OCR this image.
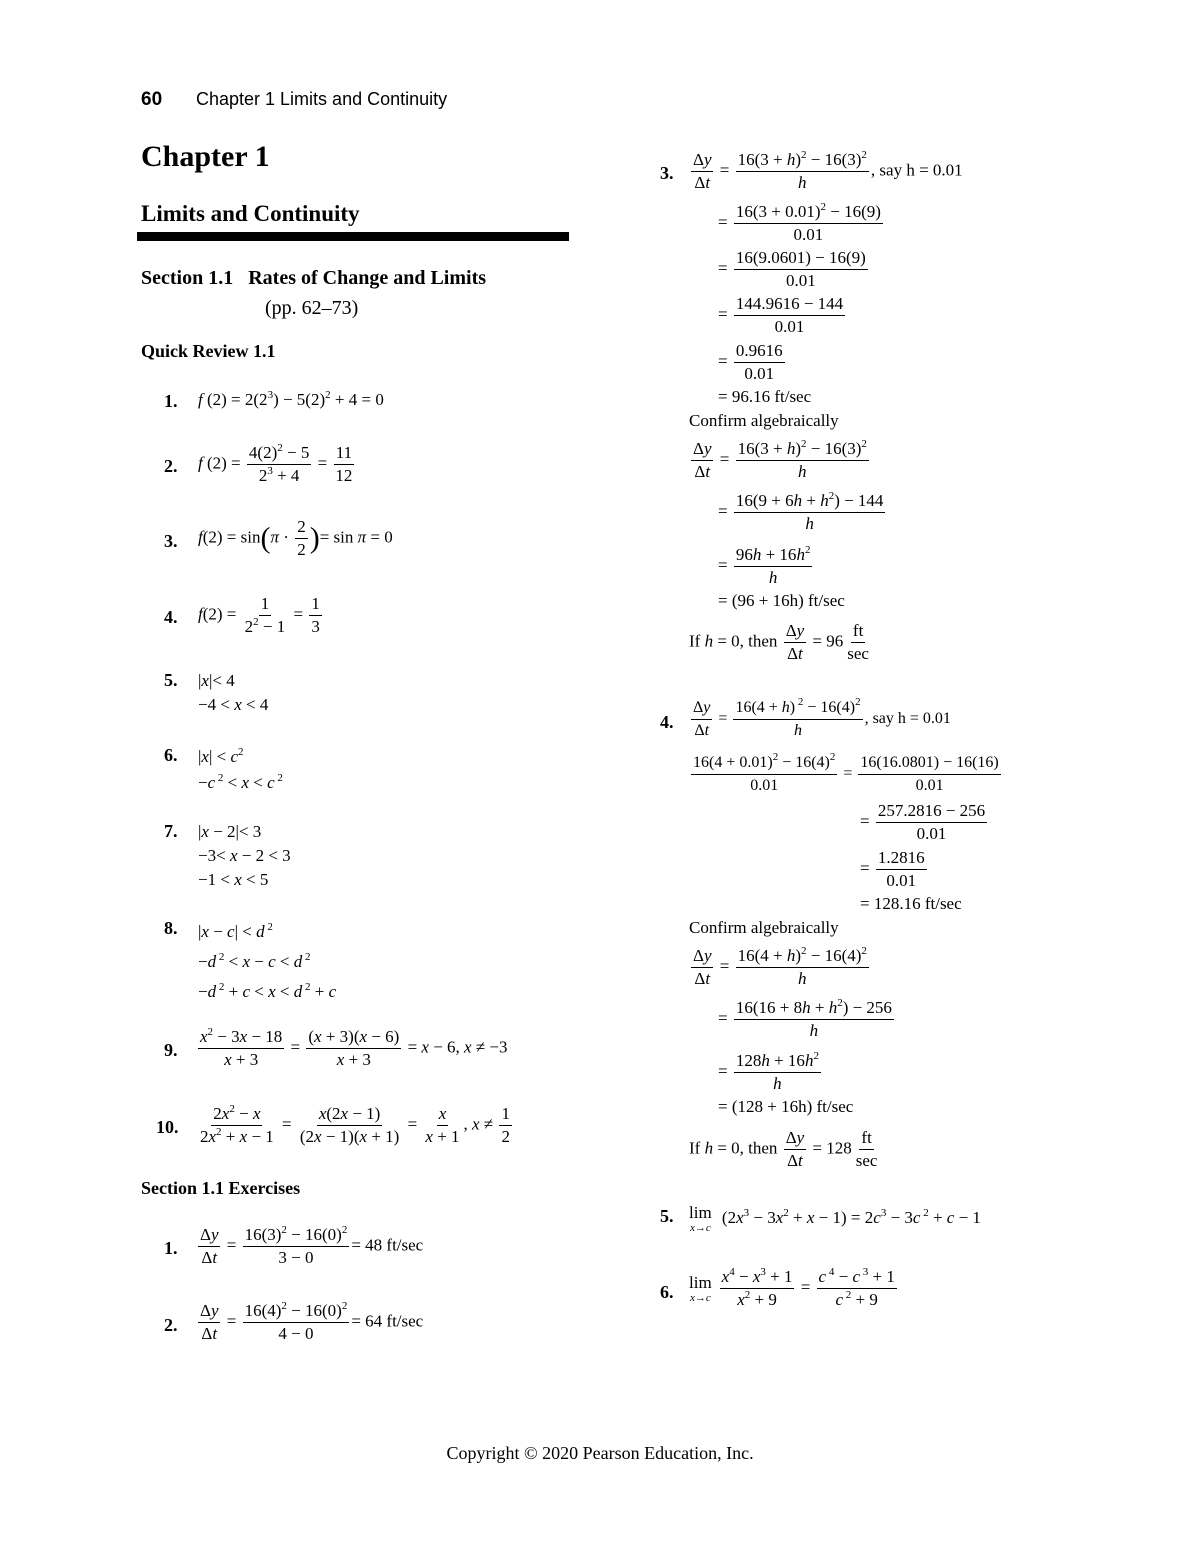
60 Chapter 1 Limits and Continuity
Chapter 1
Limits and Continuity
Section 1.1   Rates of Change and Limits
(pp. 62–73)
Quick Review 1.1
1. f $(2) = 2(2^3) - 5(2)^2 + 4 = 0$
2. f $(2) = \frac{4(2)^2 - 5}{2^3 + 4} = \frac{11}{12}$
3. $f(2) = \sin(\pi \cdot \frac{2}{2}$ )= sin π = 0
4. $f(2) = \frac{1}{2^2 - 1} = \frac{1}{3}$
5. |x|< 4
−4 < x < 4
6. $|x| < c^2$
−c $^2$ < x < c $^2$
7. |x − 2|< 3
−3< x − 2 < 3
−1 < x < 5
8. |x − c| < d $^2$
−d $^2$ < x − c < d $^2$
−d $^2$ + c < x < d $^2$ + c
9. $\frac{x^2 - 3x - 18}{x + 3} = \frac{(x + 3)(x - 6)}{x + 3} = x - 6$, x ≠ −3
10. $\frac{2x^2 - x}{2x^2 + x - 1} = \frac{x(2x - 1)}{(2x - 1)(x + 1)} = \frac{x}{x + 1}$ , $x \ne \frac{1}{2}$
Section 1.1 Exercises
1. $\frac{\Delta y}{\Delta t} = \frac{16(3)^2 - 16(0)^2}{3 - 0} = 48$ ft/sec
2. $\frac{\Delta y}{\Delta t} = \frac{16(4)^2 - 16(0)^2}{4 - 0} = 64$ ft/sec
3. $\frac{\Delta y}{\Delta t} = \frac{16(3 + h)^2 - 16(3)^2}{h}$ , say h = 0.01
= $\frac{16(3 + 0.01)^2 - 16(9)}{0.01}$
= $\frac{16(9.0601) - 16(9)}{0.01}$
= $\frac{144.9616 - 144}{0.01}$
= $\frac{0.9616}{0.01}$
= 96.16 ft/sec
Confirm algebraically
$\frac{\Delta y}{\Delta t} = \frac{16(3 + h)^2 - 16(3)^2}{h}$
= $\frac{16(9 + 6h + h^2) - 144}{h}$
= $\frac{96h + 16h^2}{h}$
= (96 + 16h) ft/sec
If h = 0, then $\frac{\Delta y}{\Delta t} = 96 \frac{ft}{\sec}$
4. $\frac{\Delta y}{\Delta t} = \frac{16(4 + h) ^2 - 16(4)^2}{h}$ , say h = 0.01
$\frac{16(4 + 0.01)^2 - 16(4)^2}{0.01} = \frac{16(16.0801) - 16(16)}{0.01}$
= $\frac{257.2816 - 256}{0.01}$
= $\frac{1.2816}{0.01}$
= 128.16 ft/sec
Confirm algebraically
$\frac{\Delta y}{\Delta t} = \frac{16(4 + h)^2 - 16(4)^2}{h}$
= $\frac{16(16 + 8h + h^2) - 256}{h}$
= $\frac{128h + 16h^2}{h}$
= (128 + 16h) ft/sec
If h = 0, then $\frac{\Delta y}{\Delta t} = 128 \frac{ft}{\sec}$
5. lim
x→c
$(2x^3 - 3x^2 + x - 1) = 2c^3 - 3c$ $^2$ + c − 1
6. lim
$x\to c \frac{x^4 - x^3 + 1}{x^2 + 9} = \frac{c ^4 - c ^3 + 1}{c ^2 + 9}$
Copyright © 2020 Pearson Education, Inc.
